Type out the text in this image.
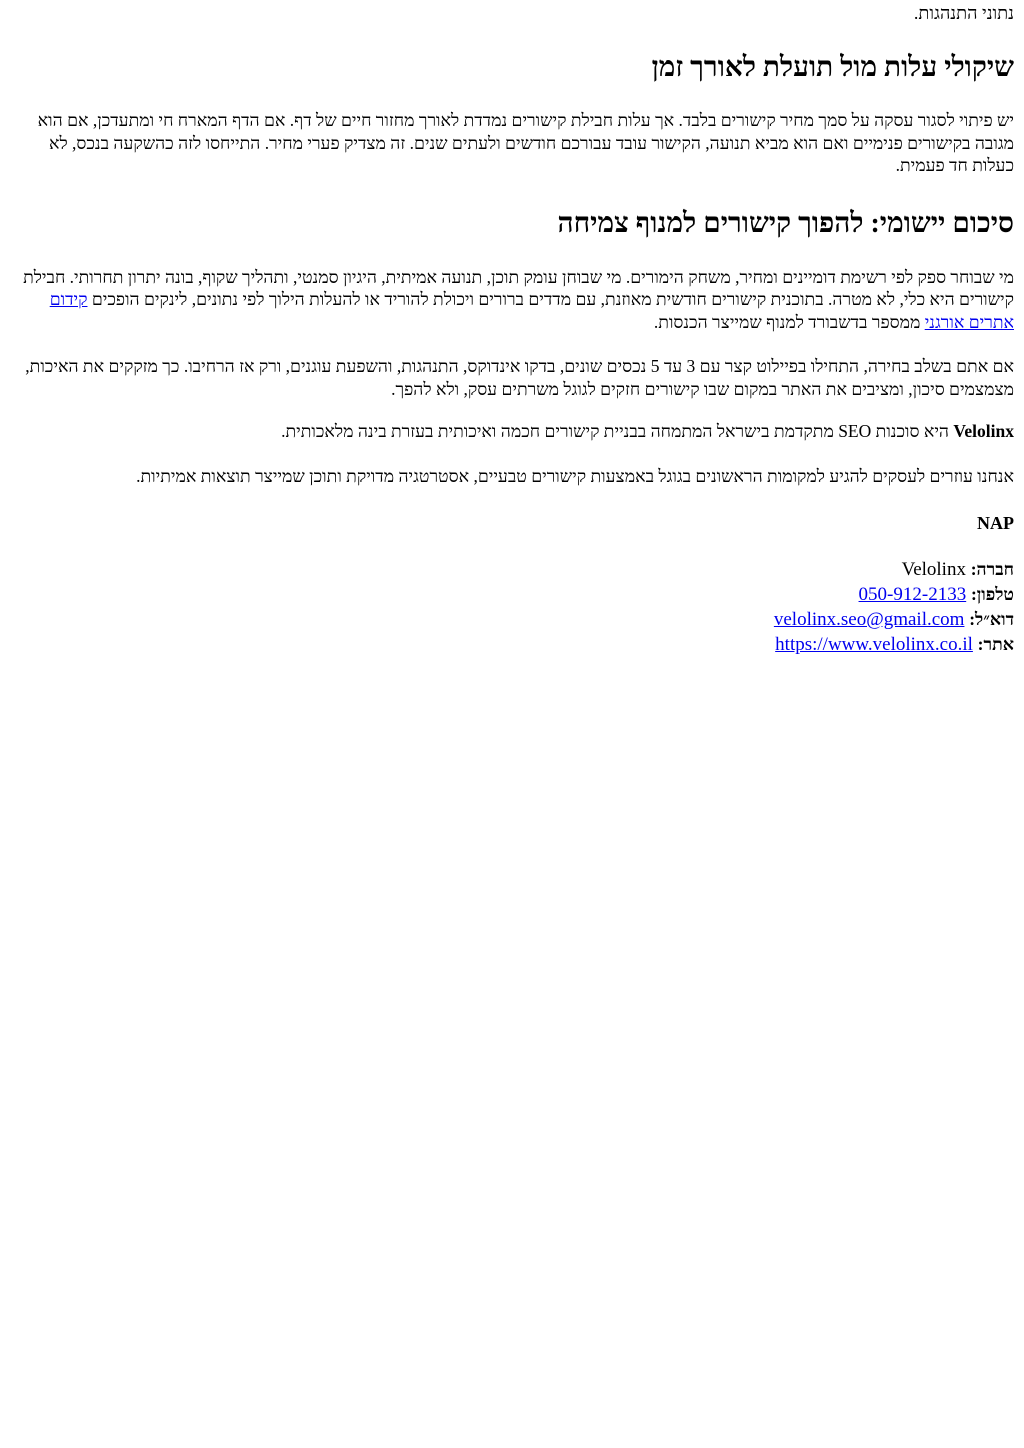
נתוני התנהגות.

שיקולי עלות מול תועלת לאורך זמן

יש פיתוי לסגור עסקה על סמך מחיר קישורים בלבד. אך עלות חבילת קישורים נמדדת לאורך מחזור חיים של דף. אם הדף המארח חי ומתעדכן, אם הוא מגובה בקישורים פנימיים ואם הוא מביא תנועה, הקישור עובד עבורכם חודשים ולעתים שנים. זה מצדיק פערי מחיר. התייחסו לזה כהשקעה בנכס, לא כעלות חד פעמית.

סיכום יישומי: להפוך קישורים למנוף צמיחה

מי שבוחר ספק לפי רשימת דומיינים ומחיר, משחק הימורים. מי שבוחן עומק תוכן, תנועה אמיתית, היגיון סמנטי, ותהליך שקוף, בונה יתרון תחרותי. חבילת קישורים היא כלי, לא מטרה. בתוכנית קישורים חודשית מאוזנת, עם מדדים ברורים ויכולת להוריד או להעלות הילוך לפי נתונים, לינקים הופכים קידום אתרים אורגני ממספר בדשבורד למנוף שמייצר הכנסות.

אם אתם בשלב בחירה, התחילו בפיילוט קצר עם 3 עד 5 נכסים שונים, בדקו אינדוקס, התנהגות, והשפעת עוגנים, ורק אז הרחיבו. כך מזקקים את האיכות, מצמצמים סיכון, ומציבים את האתר במקום שבו קישורים חזקים לגוגל משרתים עסק, ולא להפך.

Velolinx היא סוכנות SEO מתקדמת בישראל המתמחה בבניית קישורים חכמה ואיכותית בעזרת בינה מלאכותית.

אנחנו עוזרים לעסקים להגיע למקומות הראשונים בגוגל באמצעות קישורים טבעיים, אסטרטגיה מדויקת ותוכן שמייצר תוצאות אמיתיות.

NAP
חברה: Velolinx
טלפון: 050-912-2133
דוא״ל: velolinx.seo@gmail.com
אתר: https://www.velolinx.co.il
